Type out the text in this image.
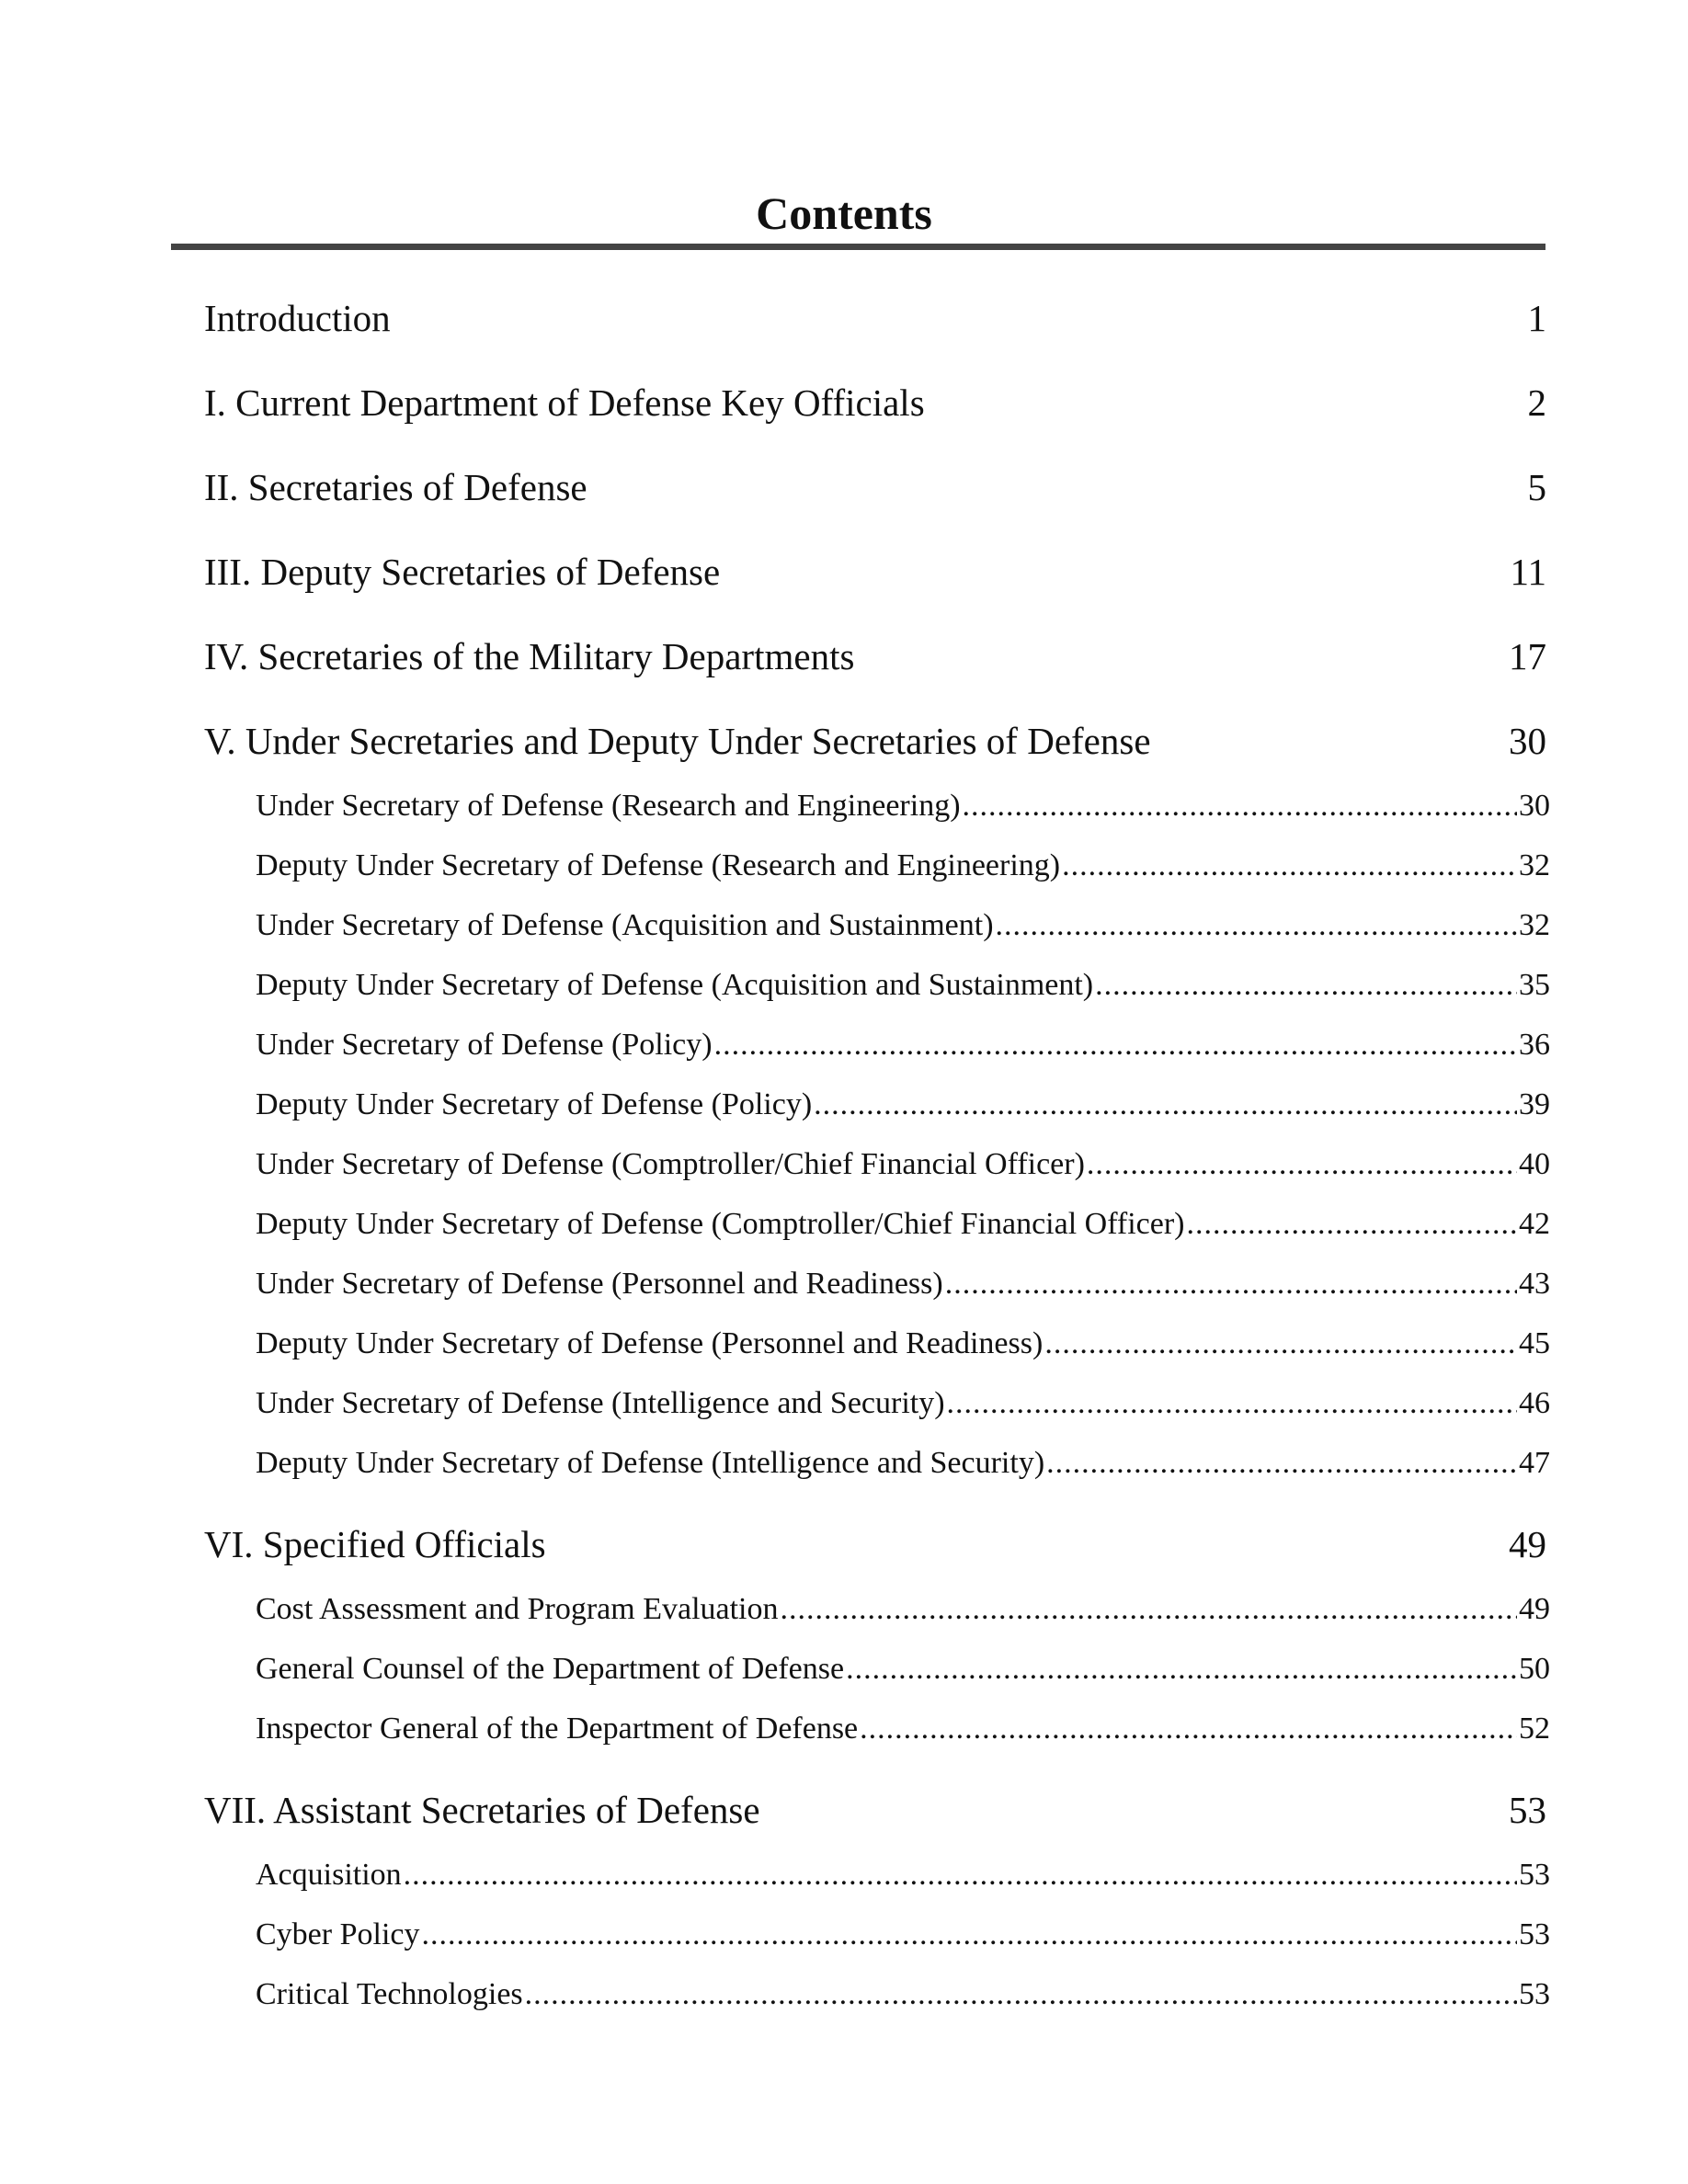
Contents
Introduction	1
I. Current Department of Defense Key Officials	2
II. Secretaries of Defense	5
III. Deputy Secretaries of Defense	11
IV. Secretaries of the Military Departments	17
V. Under Secretaries and Deputy Under Secretaries of Defense	30
Under Secretary of Defense (Research and Engineering) .....	30
Deputy Under Secretary of Defense (Research and Engineering) .....	32
Under Secretary of Defense (Acquisition and Sustainment) .....	32
Deputy Under Secretary of Defense (Acquisition and Sustainment) .....	35
Under Secretary of Defense (Policy) .....	36
Deputy Under Secretary of Defense (Policy) .....	39
Under Secretary of Defense (Comptroller/Chief Financial Officer) .....	40
Deputy Under Secretary of Defense (Comptroller/Chief Financial Officer) .....	42
Under Secretary of Defense (Personnel and Readiness) .....	43
Deputy Under Secretary of Defense (Personnel and Readiness) .....	45
Under Secretary of Defense (Intelligence and Security) .....	46
Deputy Under Secretary of Defense (Intelligence and Security) .....	47
VI. Specified Officials	49
Cost Assessment and Program Evaluation .....	49
General Counsel of the Department of Defense .....	50
Inspector General of the Department of Defense .....	52
VII. Assistant Secretaries of Defense	53
Acquisition .....	53
Cyber Policy .....	53
Critical Technologies .....	53
